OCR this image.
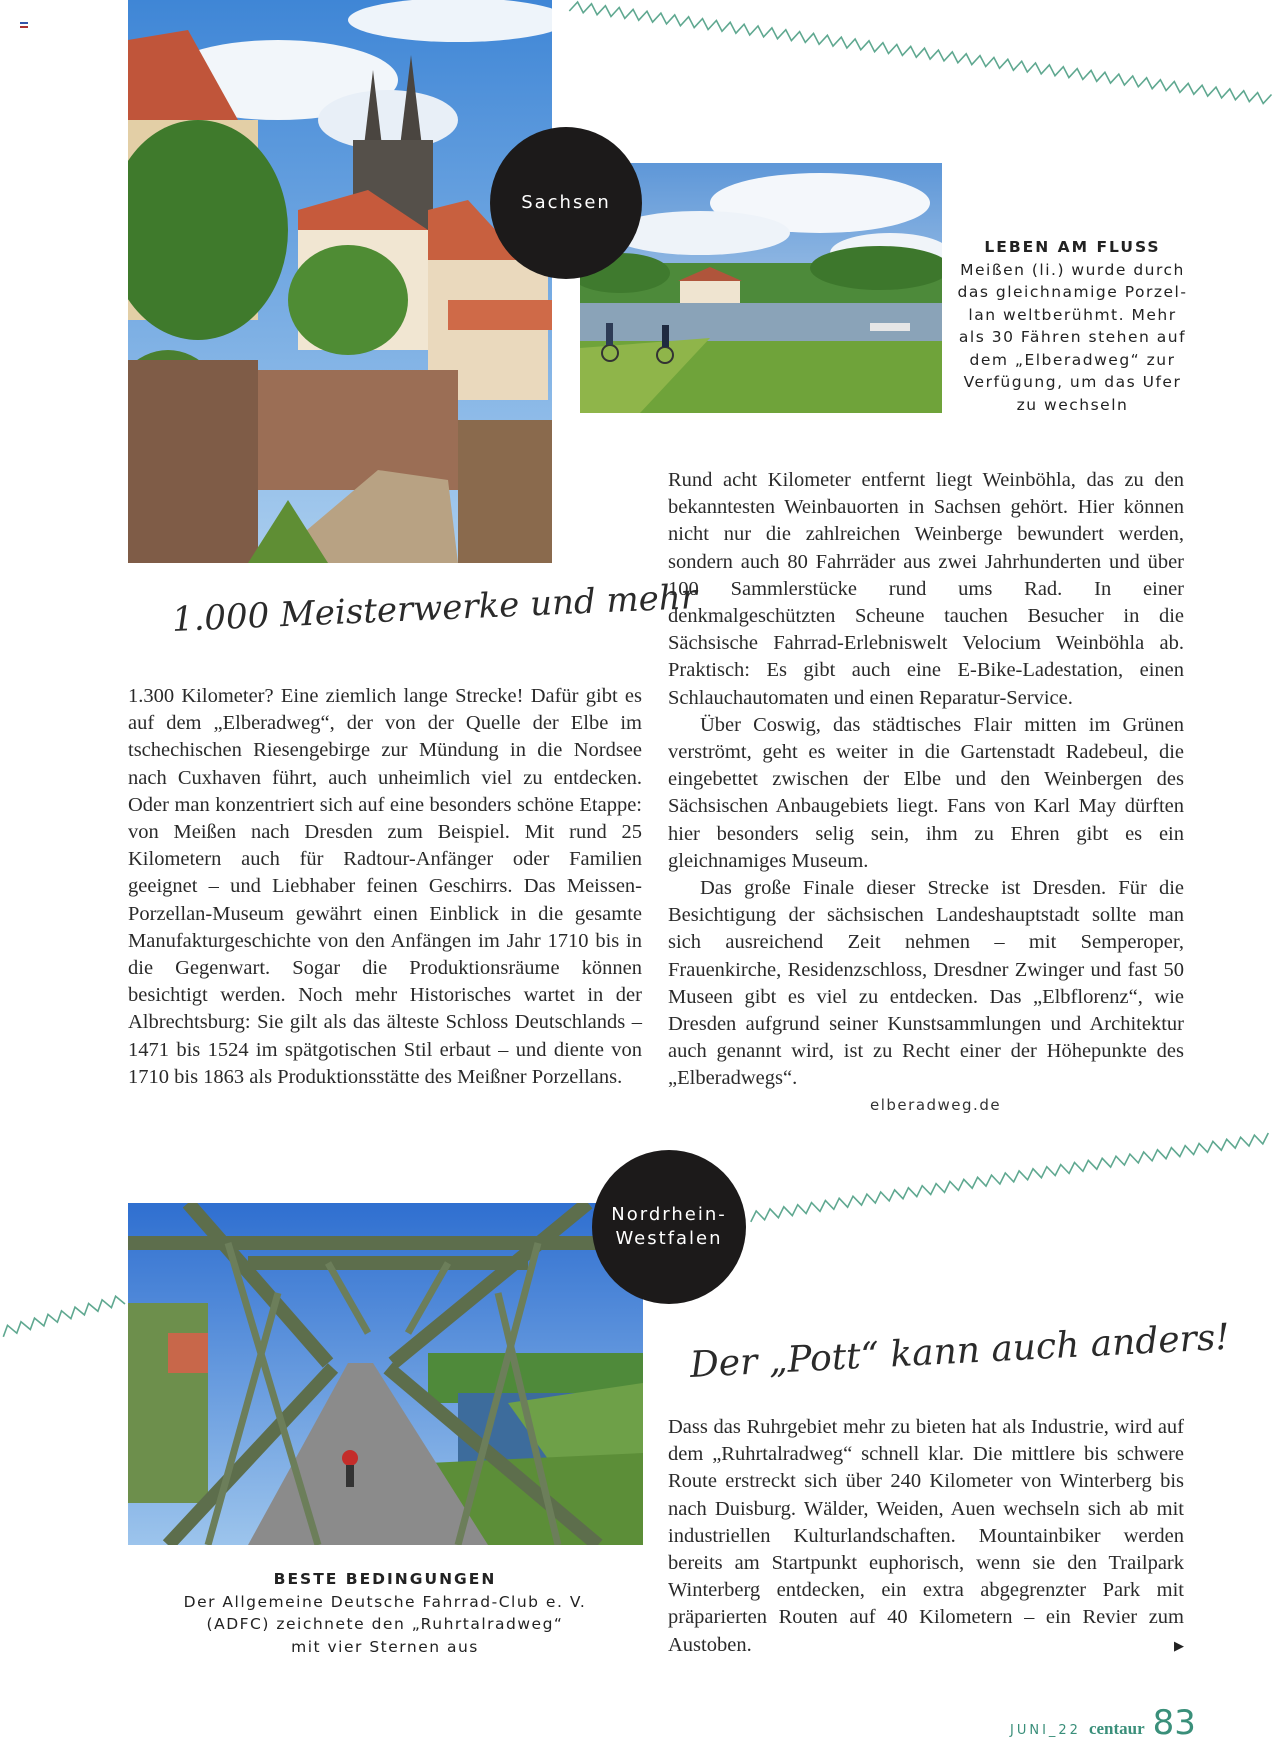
Sachsen
LEBEN AM FLUSS
Meißen (li.) wurde durch
das gleichnamige Porzel-
lan weltberühmt. Mehr
als 30 Fähren stehen auf
dem „Elberadweg“ zur
Verfügung, um das Ufer
zu wechseln
1.000 Meisterwerke und mehr

1.300 Kilometer? Eine ziemlich lange Strecke! Dafür gibt es auf dem „Elberadweg“, der von der Quelle der Elbe im tschechischen Riesengebirge zur Mündung in die Nordsee nach Cuxhaven führt, auch unheimlich viel zu entdecken. Oder man konzentriert sich auf eine besonders schöne Etappe: von Meißen nach Dresden zum Beispiel. Mit rund 25 Kilometern auch für Radtour-Anfänger oder Familien geeignet – und Liebhaber feinen Geschirrs. Das Meissen-Porzellan-Museum gewährt einen Einblick in die gesamte Manufakturgeschichte von den Anfängen im Jahr 1710 bis in die Gegenwart. Sogar die Produktionsräume können besichtigt werden. Noch mehr Historisches wartet in der Albrechtsburg: Sie gilt als das älteste Schloss Deutschlands – 1471 bis 1524 im spätgotischen Stil erbaut – und diente von 1710 bis 1863 als Produktionsstätte des Meißner Porzellans.

Rund acht Kilometer entfernt liegt Weinböhla, das zu den bekanntesten Weinbauorten in Sachsen gehört. Hier können nicht nur die zahlreichen Weinberge bewundert werden, sondern auch 80 Fahrräder aus zwei Jahrhunderten und über 100 Sammlerstücke rund ums Rad. In einer denkmalgeschützten Scheune tauchen Besucher in die Sächsische Fahrrad-Erlebniswelt Velocium Weinböhla ab. Praktisch: Es gibt auch eine E-Bike-Ladestation, einen Schlauchautomaten und einen Reparatur-Service.

Über Coswig, das städtisches Flair mitten im Grünen verströmt, geht es weiter in die Gartenstadt Radebeul, die eingebettet zwischen der Elbe und den Weinbergen des Sächsischen Anbaugebiets liegt. Fans von Karl May dürften hier besonders selig sein, ihm zu Ehren gibt es ein gleichnamiges Museum.

Das große Finale dieser Strecke ist Dresden. Für die Besichtigung der sächsischen Landeshauptstadt sollte man sich ausreichend Zeit nehmen – mit Semperoper, Frauenkirche, Residenzschloss, Dresdner Zwinger und fast 50 Museen gibt es viel zu entdecken. Das „Elbflorenz“, wie Dresden aufgrund seiner Kunstsammlungen und Architektur auch genannt wird, ist zu Recht einer der Höhepunkte des „Elberadwegs“.

elberadweg.de
Nordrhein-
Westfalen
BESTE BEDINGUNGEN
Der Allgemeine Deutsche Fahrrad-Club e. V.
(ADFC) zeichnete den „Ruhrtalradweg“
mit vier Sternen aus
Der „Pott“ kann auch anders!

Dass das Ruhrgebiet mehr zu bieten hat als Industrie, wird auf dem „Ruhrtalradweg“ schnell klar. Die mittlere bis schwere Route erstreckt sich über 240 Kilometer von Winterberg bis nach Duisburg. Wälder, Weiden, Auen wechseln sich ab mit industriellen Kulturlandschaften. Mountainbiker werden bereits am Startpunkt euphorisch, wenn sie den Trailpark Winterberg entdecken, ein extra abgegrenzter Park mit präparierten Routen auf 40 Kilometern – ein Revier zum Austoben.	▶
JUNI_22 centaur 83
